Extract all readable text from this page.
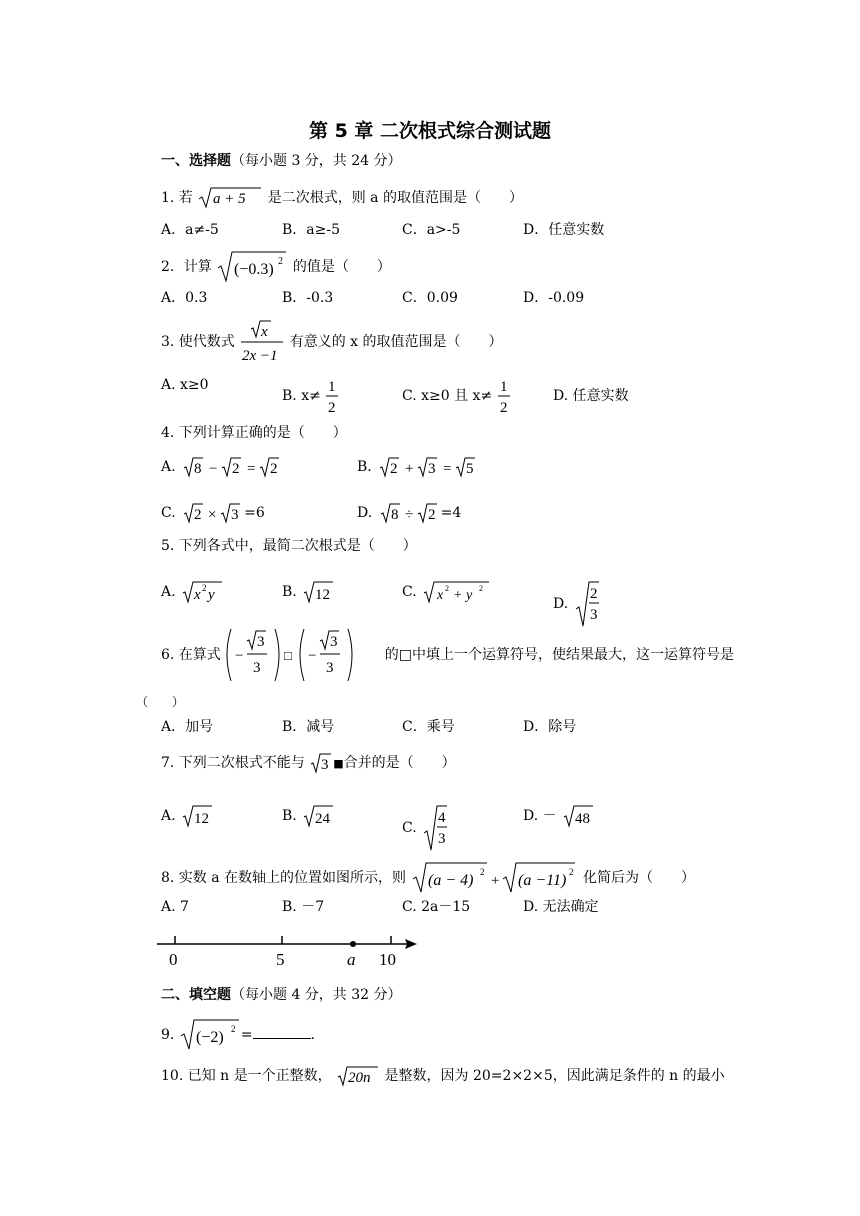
第 5 章 二次根式综合测试题
一、选择题（每小题 3 分，共 24 分）
1. 若 a + 5 是二次根式，则 a 的取值范围是（　　）
A．a≠-5	B．a≥-5	C．a>-5	D．任意实数
2．计算 (−0.3) 2 的值是（　　）
A．0.3	B．-0.3	C．0.09	D．-0.09
3. 使代数式
x
2x −1
有意义的 x 的取值范围是（　　）
A. x≥0
B. x≠
1
2
C. x≥0 且 x≠
1
2
D. 任意实数
4. 下列计算正确的是（　　）
A. 8 − 2 = 2	B. 2 + 3 = 5
C. 2 × 3 =6	D. 8 ÷ 2 =4
5. 下列各式中，最简二次根式是（　　）
A. x 2 y	B. 12	C. x 2 + y 2
D.
2
3
6. 在算式 −
3
3
□ −
3
3
的□中填上一个运算符号，使结果最大，这一运算符号是
（　　）
A．加号	B．减号	C．乘号	D．除号
7. 下列二次根式不能与 3 ■合并的是（　　）
A. 12	B. 24
C.
4
3
D. － 48
8. 实数 a 在数轴上的位置如图所示，则 (a − 4) 2
+ (a −11) 2 化简后为（　　）
A. 7	B. －7	C. 2a－15	D. 无法确定
0	5	10
a
二、填空题（每小题 4 分，共 32 分）
9. (−2) 2 =	.
10. 已知 n 是一个正整数， 20n 是整数，因为 20=2×2×5，因此满足条件的 n 的最小
